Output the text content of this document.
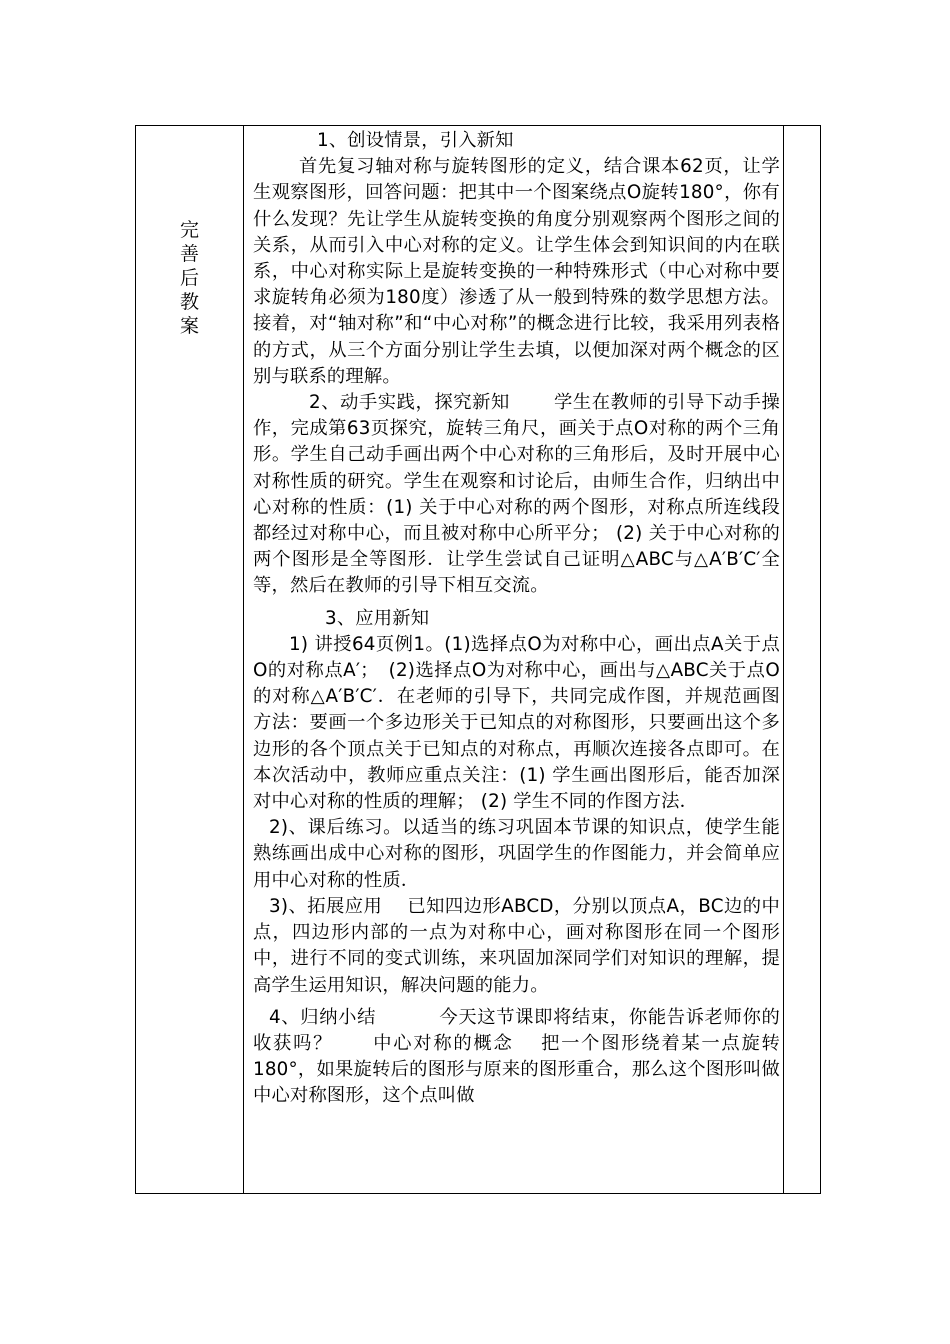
完
善
后
教
案

1、创设情景，引入新知

首先复习轴对称与旋转图形的定义，结合课本62页，让学生观察图形，回答问题：把其中一个图案绕点O旋转180°，你有什么发现？先让学生从旋转变换的角度分别观察两个图形之间的关系，从而引入中心对称的定义。让学生体会到知识间的内在联系，中心对称实际上是旋转变换的一种特殊形式（中心对称中要求旋转角必须为180度）渗透了从一般到特殊的数学思想方法。接着，对“轴对称”和“中心对称”的概念进行比较，我采用列表格的方式，从三个方面分别让学生去填，以便加深对两个概念的区别与联系的理解。

2、动手实践，探究新知　　 学生在教师的引导下动手操作，完成第63页探究，旋转三角尺，画关于点O对称的两个三角形。学生自己动手画出两个中心对称的三角形后，及时开展中心对称性质的研究。学生在观察和讨论后，由师生合作，归纳出中心对称的性质：(1) 关于中心对称的两个图形，对称点所连线段都经过对称中心，而且被对称中心所平分； (2) 关于中心对称的两个图形是全等图形．让学生尝试自己证明△ABC与△A′B′C′全等，然后在教师的引导下相互交流。

3、应用新知

1) 讲授64页例1。(1)选择点O为对称中心，画出点A关于点O的对称点A′；　(2)选择点O为对称中心，画出与△ABC关于点O的对称△A′B′C′．在老师的引导下，共同完成作图，并规范画图方法：要画一个多边形关于已知点的对称图形，只要画出这个多边形的各个顶点关于已知点的对称点，再顺次连接各点即可。在本次活动中，教师应重点关注：(1) 学生画出图形后，能否加深对中心对称的性质的理解； (2) 学生不同的作图方法．

2)、课后练习。以适当的练习巩固本节课的知识点，使学生能熟练画出成中心对称的图形，巩固学生的作图能力，并会简单应用中心对称的性质．

3)、拓展应用　 已知四边形ABCD，分别以顶点A，BC边的中点，四边形内部的一点为对称中心，画对称图形在同一个图形中，进行不同的变式训练，来巩固加深同学们对知识的理解，提高学生运用知识，解决问题的能力。

4、归纳小结　　　 今天这节课即将结束，你能告诉老师你的收获吗？　　中心对称的概念　 把一个图形绕着某一点旋转180°，如果旋转后的图形与原来的图形重合，那么这个图形叫做中心对称图形，这个点叫做
